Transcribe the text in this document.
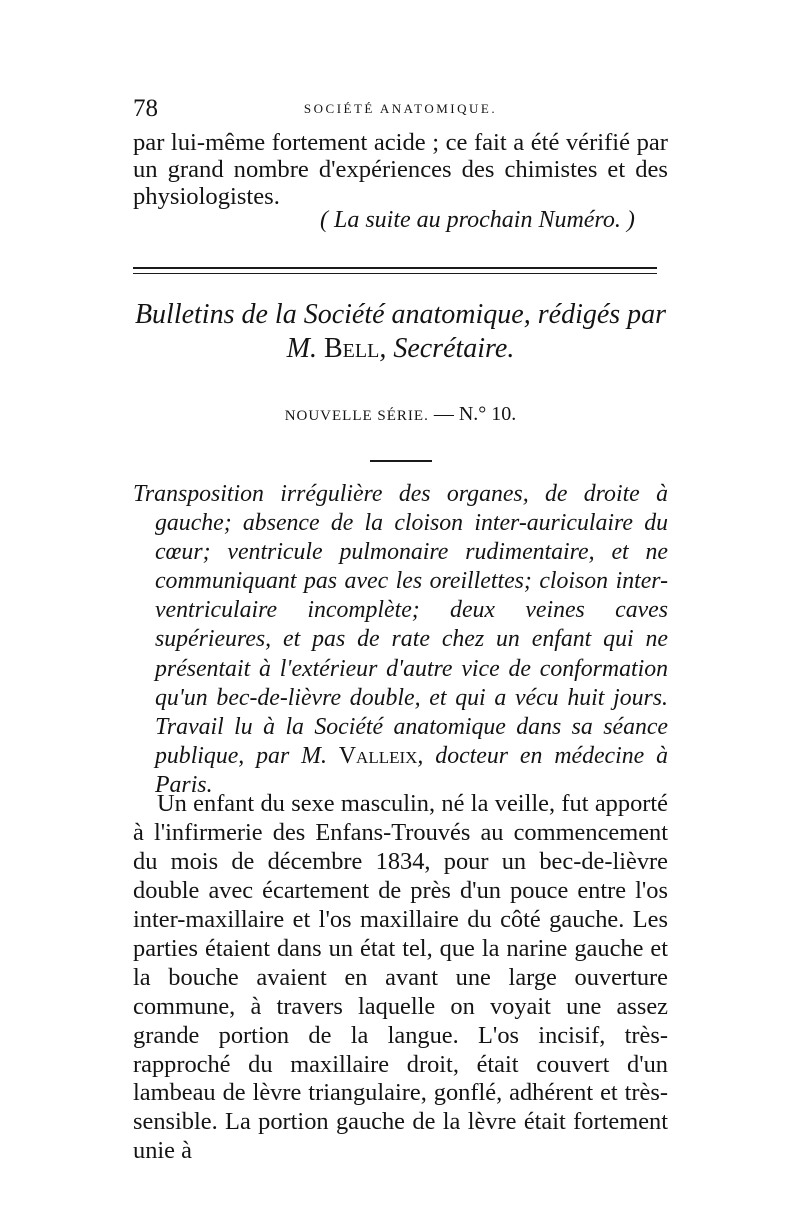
78	SOCIÉTÉ ANATOMIQUE.

par lui-même fortement acide ; ce fait a été vérifié par un grand nombre d'expériences des chimistes et des physiologistes.

( La suite au prochain Numéro. )
Bulletins de la Société anatomique, rédigés par
M. Bell, Secrétaire.
NOUVELLE SÉRIE. — N.° 10.
Transposition irrégulière des organes, de droite à gauche; absence de la cloison inter-auriculaire du cœur; ventricule pulmonaire rudimentaire, et ne communiquant pas avec les oreillettes; cloison inter-ventriculaire incomplète; deux veines caves supérieures, et pas de rate chez un enfant qui ne présentait à l'extérieur d'autre vice de conformation qu'un bec-de-lièvre double, et qui a vécu huit jours. Travail lu à la Société anatomique dans sa séance publique, par M. Valleix, docteur en médecine à Paris.

Un enfant du sexe masculin, né la veille, fut apporté à l'infirmerie des Enfans-Trouvés au commencement du mois de décembre 1834, pour un bec-de-lièvre double avec écartement de près d'un pouce entre l'os inter-maxillaire et l'os maxillaire du côté gauche. Les parties étaient dans un état tel, que la narine gauche et la bouche avaient en avant une large ouverture commune, à travers laquelle on voyait une assez grande portion de la langue. L'os incisif, très-rapproché du maxillaire droit, était couvert d'un lambeau de lèvre triangulaire, gonflé, adhérent et très-sensible. La portion gauche de la lèvre était fortement unie à
